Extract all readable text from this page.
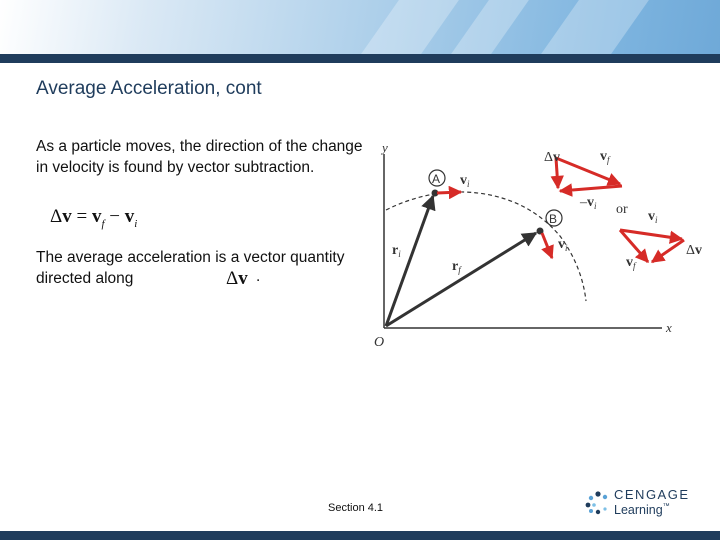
Average Acceleration, cont
As a particle moves, the direction of the change in velocity is found by vector subtraction.
$\Delta v = v_f - v_i$
The average acceleration is a vector quantity directed along	Δv .
y
x
O
A
B
$r_i$
$r_f$
$v_i$
$v_i$
Δv	$v_f$
$-v_i$ or $v_i$
Δv
$v_f$
Section 4.1
CENGAGE
Learning™
